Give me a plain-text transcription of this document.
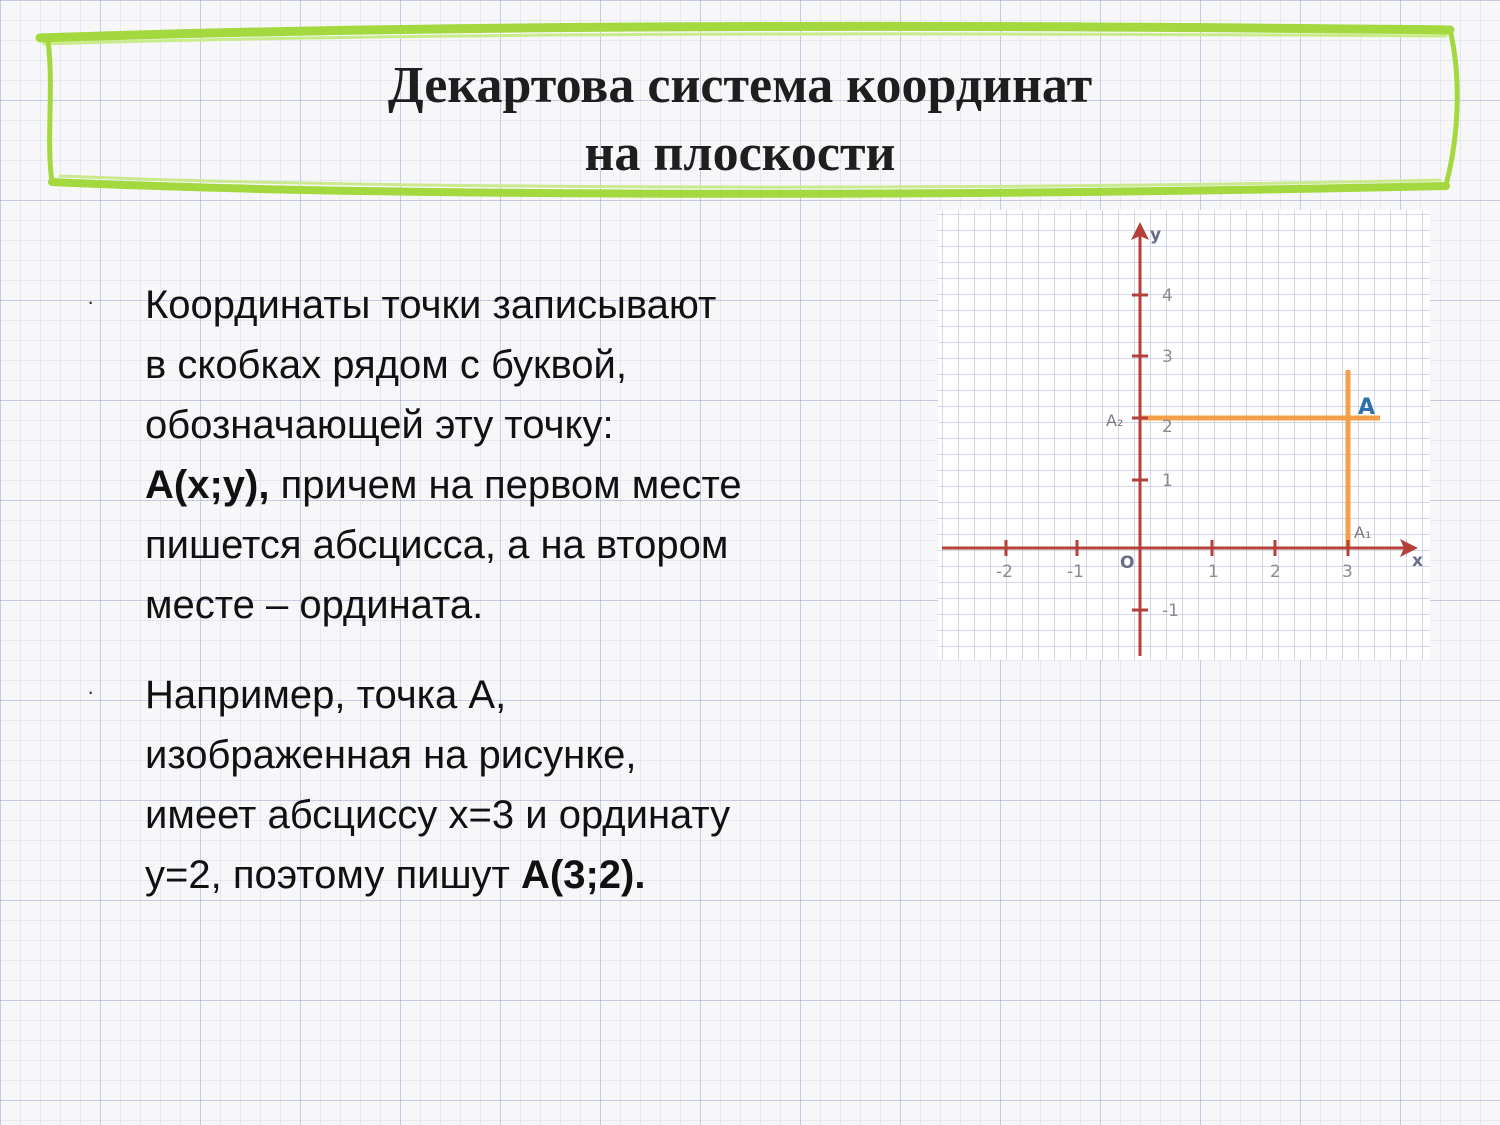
Декартова система координат
на плоскости
· Координаты точки записывают
в скобках рядом с буквой,
обозначающей эту точку:
A(x;y), причем на первом месте
пишется абсцисса, а на втором
месте – ордината.
· Например, точка А,
изображенная на рисунке,
имеет абсциссу x=3 и ординату
y=2, поэтому пишут A(3;2).
-2	-1	1	2	3
4
3
2
1
-1
x
y
O
A
A₁
A₂
